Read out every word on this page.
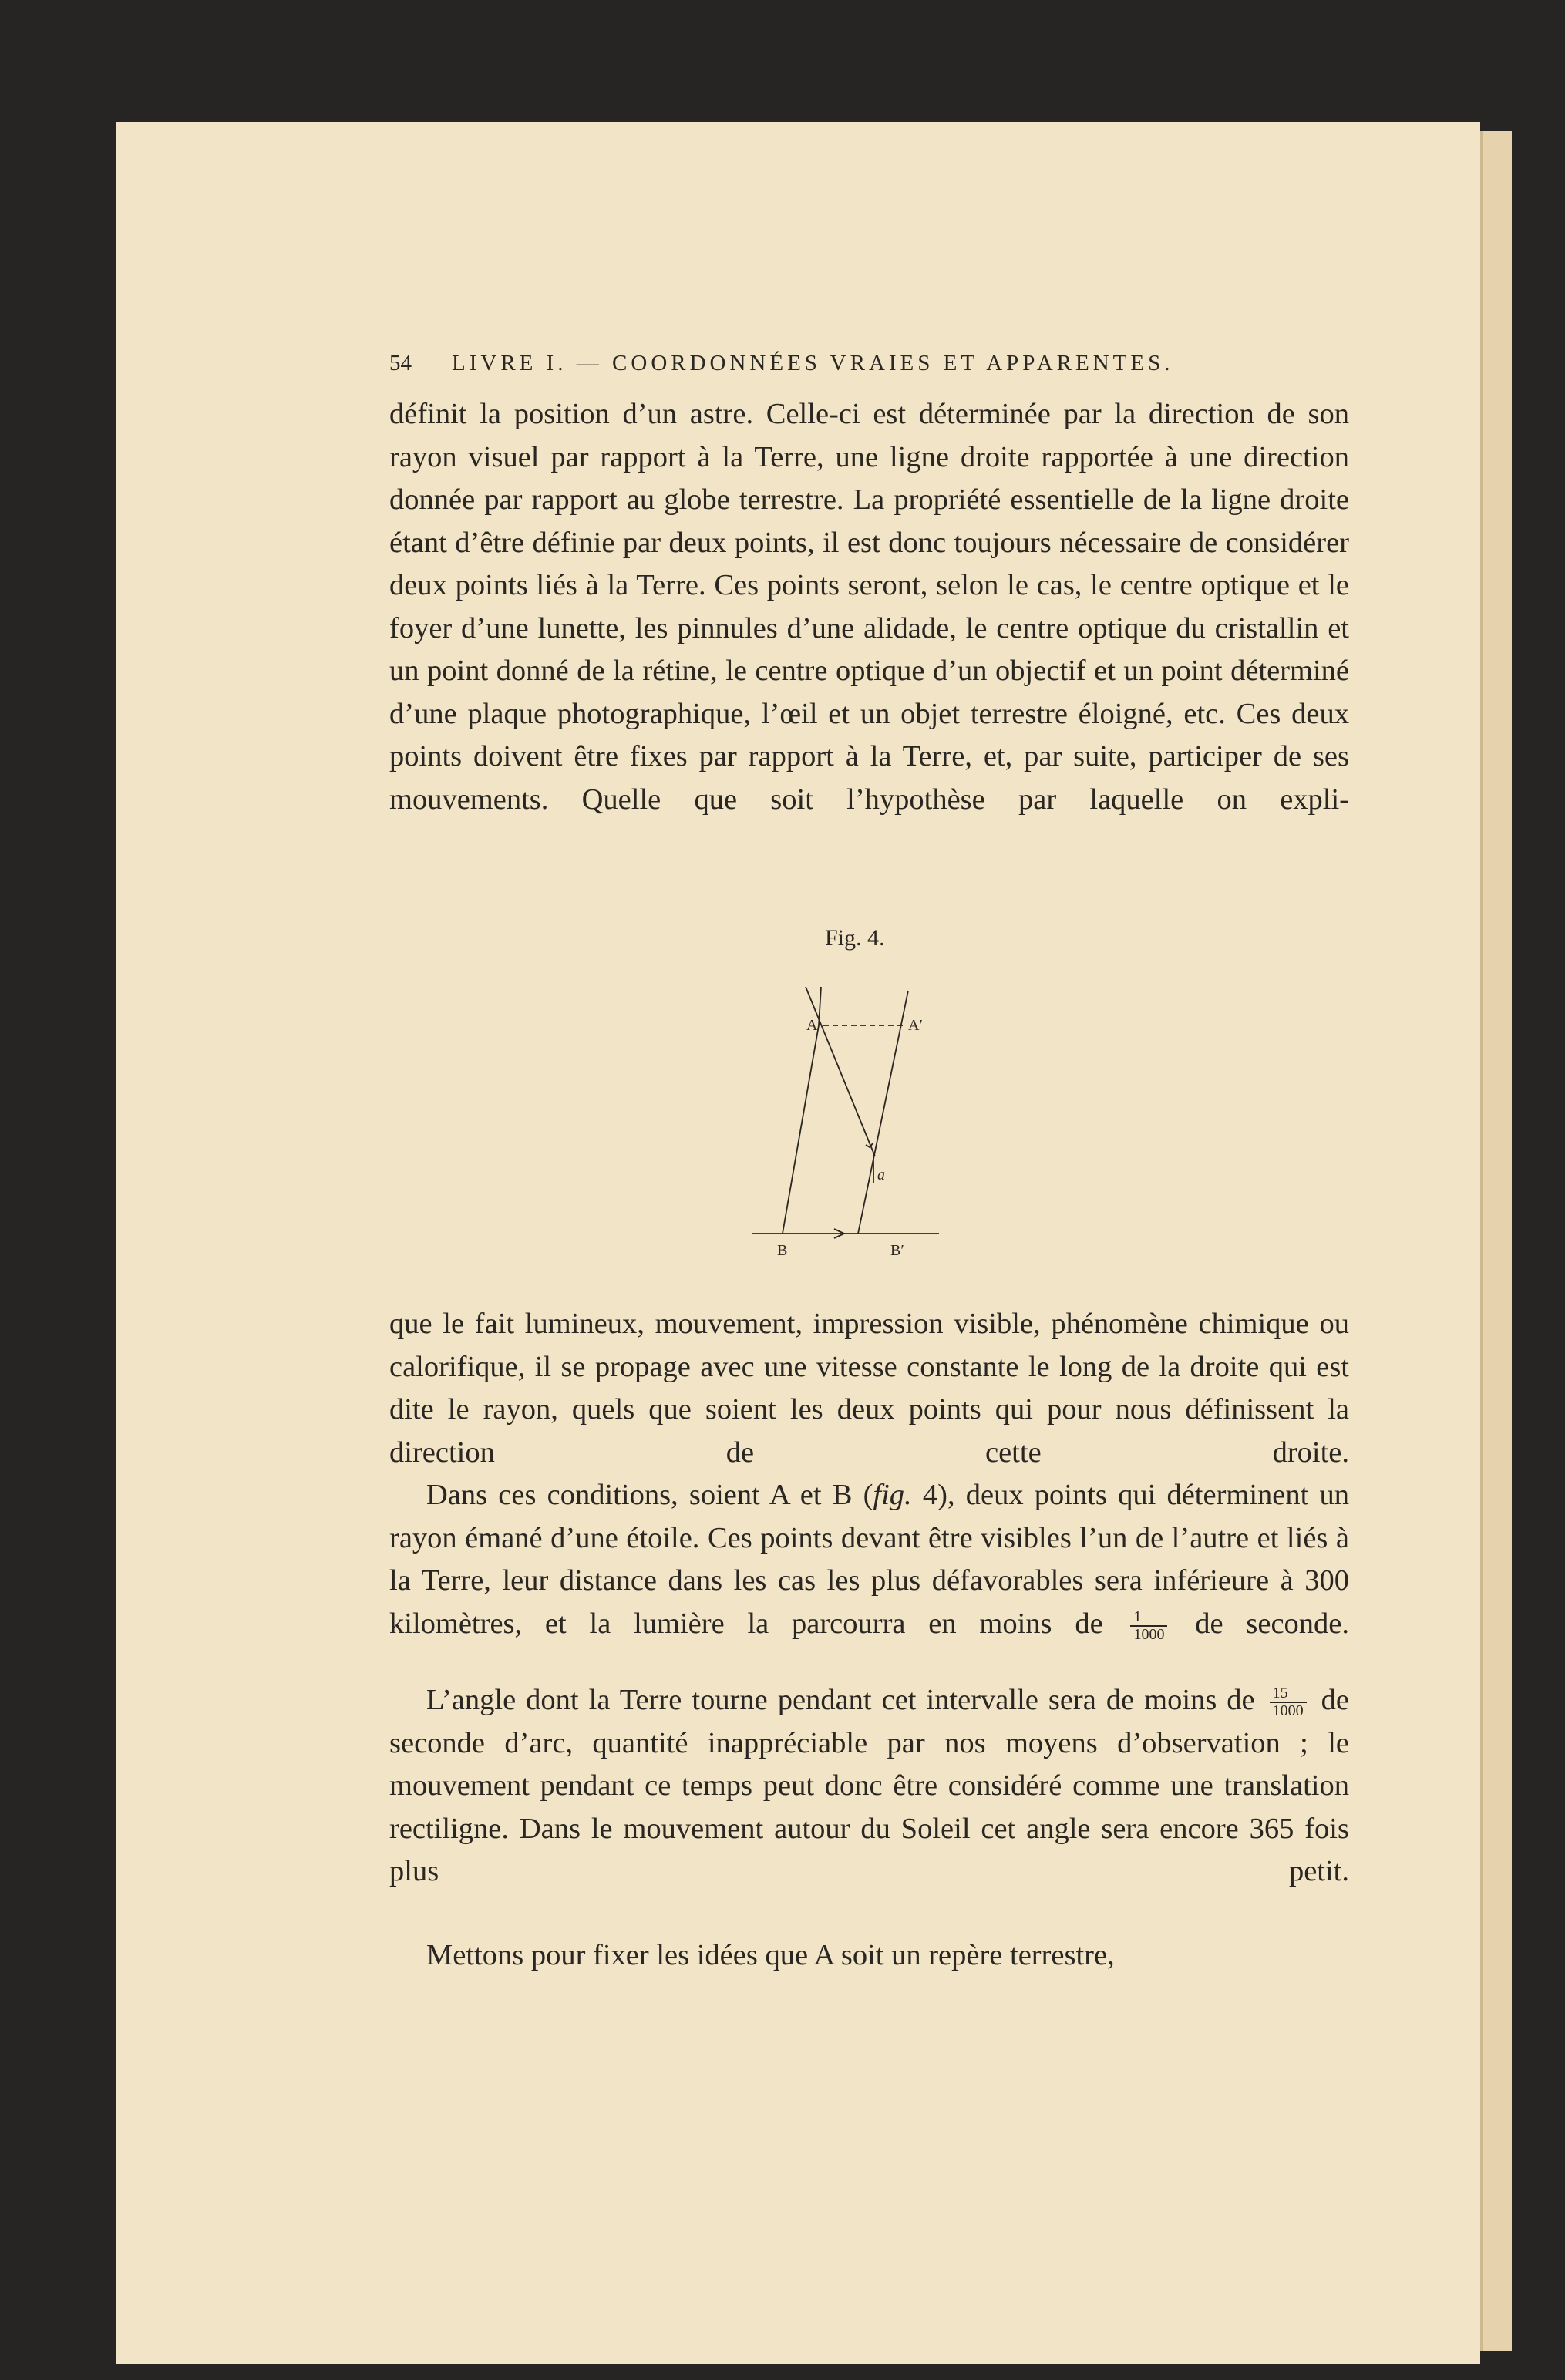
54 LIVRE I. — COORDONNÉES VRAIES ET APPARENTES.

définit la position d’un astre. Celle-ci est déterminée par la direction de son rayon visuel par rapport à la Terre, une ligne droite rapportée à une direction donnée par rapport au globe terrestre. La propriété essentielle de la ligne droite étant d’être définie par deux points, il est donc toujours nécessaire de considérer deux points liés à la Terre. Ces points seront, selon le cas, le centre optique et le foyer d’une lunette, les pinnules d’une alidade, le centre optique du cristallin et un point donné de la rétine, le centre optique d’un objectif et un point déterminé d’une plaque photographique, l’œil et un objet terrestre éloigné, etc. Ces deux points doivent être fixes par rapport à la Terre, et, par suite, participer de ses mouvements. Quelle que soit l’hypothèse par laquelle on expli-

Fig. 4.
A	A′
a
B	B′

que le fait lumineux, mouvement, impression visible, phénomène chimique ou calorifique, il se propage avec une vitesse constante le long de la droite qui est dite le rayon, quels que soient les deux points qui pour nous définissent la direction de cette droite.

Dans ces conditions, soient A et B (fig. 4), deux points qui déterminent un rayon émané d’une étoile. Ces points devant être visibles l’un de l’autre et liés à la Terre, leur distance dans les cas les plus défavorables sera inférieure à 300 kilomètres, et la lumière la parcourra en moins de $\frac{1}{1000}$ de seconde.

L’angle dont la Terre tourne pendant cet intervalle sera de moins de $\frac{15}{1000}$ de seconde d’arc, quantité inappréciable par nos moyens d’observation ; le mouvement pendant ce temps peut donc être considéré comme une translation rectiligne. Dans le mouvement autour du Soleil cet angle sera encore 365 fois plus petit.

Mettons pour fixer les idées que A soit un repère terrestre,
